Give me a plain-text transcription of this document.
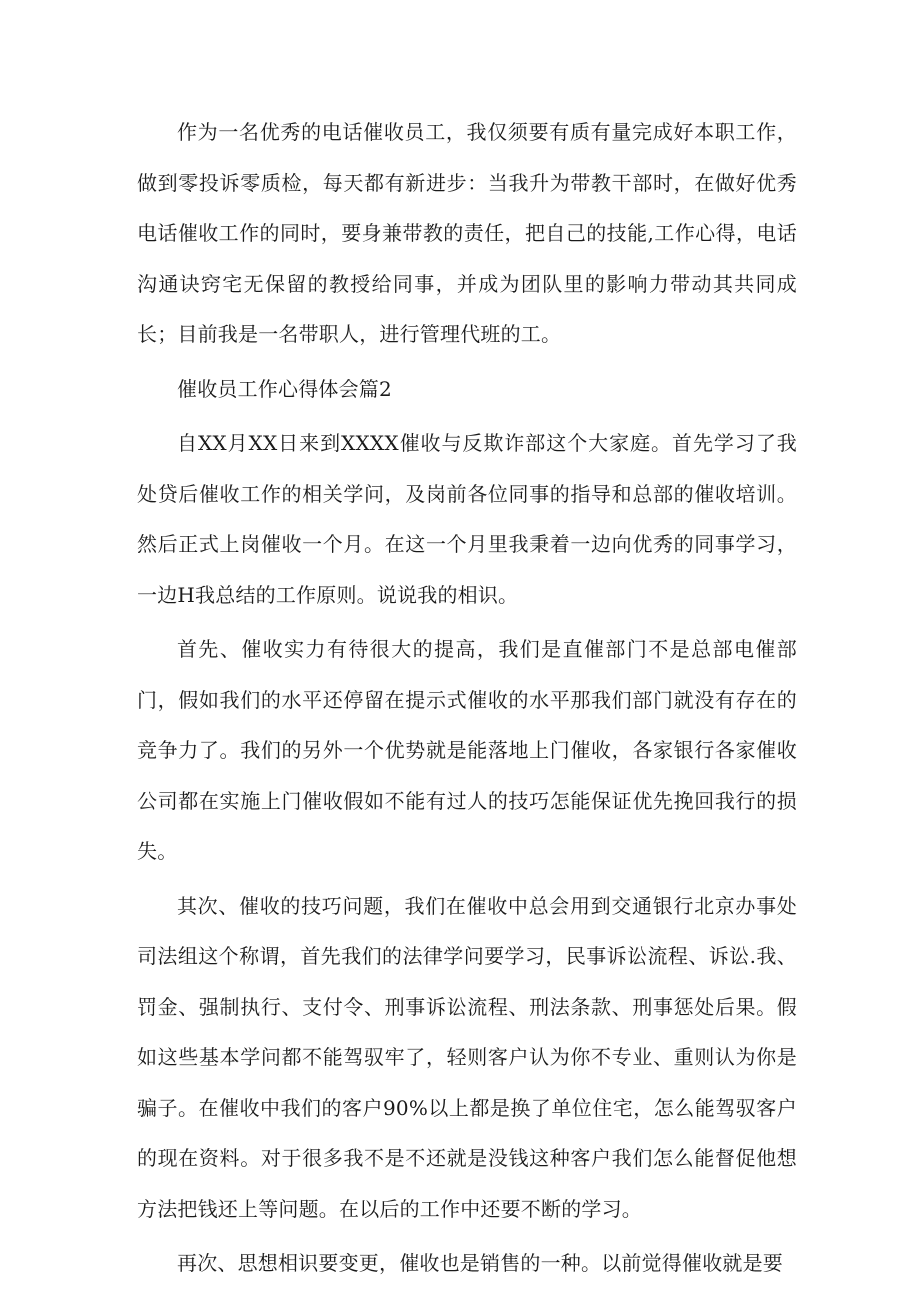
作为一名优秀的电话催收员工，我仅须要有质有量完成好本职工作，做到零投诉零质检，每天都有新进步：当我升为带教干部时，在做好优秀电话催收工作的同时，要身兼带教的责任，把自己的技能,工作心得，电话沟通诀窍宅无保留的教授给同事，并成为团队里的影响力带动其共同成长；目前我是一名带职人，进行管理代班的工。

催收员工作心得体会篇2

自XX月XX日来到XXXX催收与反欺诈部这个大家庭。首先学习了我处贷后催收工作的相关学问，及岗前各位同事的指导和总部的催收培训。然后正式上岗催收一个月。在这一个月里我秉着一边向优秀的同事学习，一边H我总结的工作原则。说说我的相识。

首先、催收实力有待很大的提高，我们是直催部门不是总部电催部门，假如我们的水平还停留在提示式催收的水平那我们部门就没有存在的竞争力了。我们的另外一个优势就是能落地上门催收，各家银行各家催收公司都在实施上门催收假如不能有过人的技巧怎能保证优先挽回我行的损失。

其次、催收的技巧问题，我们在催收中总会用到交通银行北京办事处司法组这个称谓，首先我们的法律学问要学习，民事诉讼流程、诉讼.我、罚金、强制执行、支付令、刑事诉讼流程、刑法条款、刑事惩处后果。假如这些基本学问都不能驾驭牢了，轻则客户认为你不专业、重则认为你是骗子。在催收中我们的客户90%以上都是换了单位住宅，怎么能驾驭客户的现在资料。对于很多我不是不还就是没钱这种客户我们怎么能督促他想方法把钱还上等问题。在以后的工作中还要不断的学习。

再次、思想相识要变更，催收也是销售的一种。以前觉得催收就是要
